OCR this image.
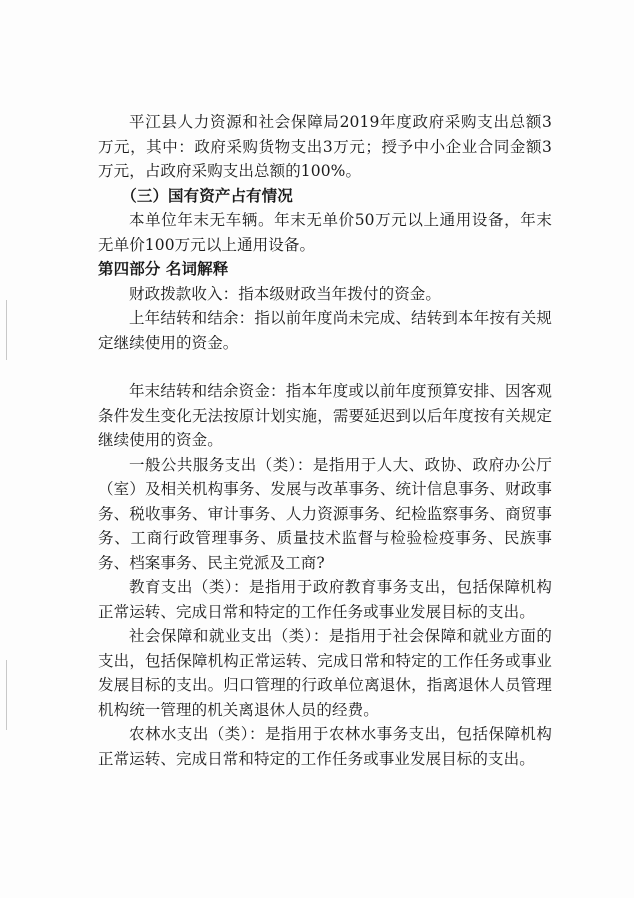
平江县人力资源和社会保障局2019年度政府采购支出总额3万元，其中：政府采购货物支出3万元；授予中小企业合同金额3万元，占政府采购支出总额的100%。

（三）国有资产占有情况

本单位年末无车辆。年末无单价50万元以上通用设备，年末无单价100万元以上通用设备。

第四部分 名词解释

财政拨款收入：指本级财政当年拨付的资金。

上年结转和结余：指以前年度尚未完成、结转到本年按有关规定继续使用的资金。

年末结转和结余资金：指本年度或以前年度预算安排、因客观条件发生变化无法按原计划实施，需要延迟到以后年度按有关规定继续使用的资金。

一般公共服务支出（类）：是指用于人大、政协、政府办公厅（室）及相关机构事务、发展与改革事务、统计信息事务、财政事务、税收事务、审计事务、人力资源事务、纪检监察事务、商贸事务、工商行政管理事务、质量技术监督与检验检疫事务、民族事务、档案事务、民主党派及工商?

教育支出（类）：是指用于政府教育事务支出，包括保障机构正常运转、完成日常和特定的工作任务或事业发展目标的支出。

社会保障和就业支出（类）：是指用于社会保障和就业方面的支出，包括保障机构正常运转、完成日常和特定的工作任务或事业发展目标的支出。归口管理的行政单位离退休，指离退休人员管理机构统一管理的机关离退休人员的经费。

农林水支出（类）：是指用于农林水事务支出，包括保障机构正常运转、完成日常和特定的工作任务或事业发展目标的支出。
